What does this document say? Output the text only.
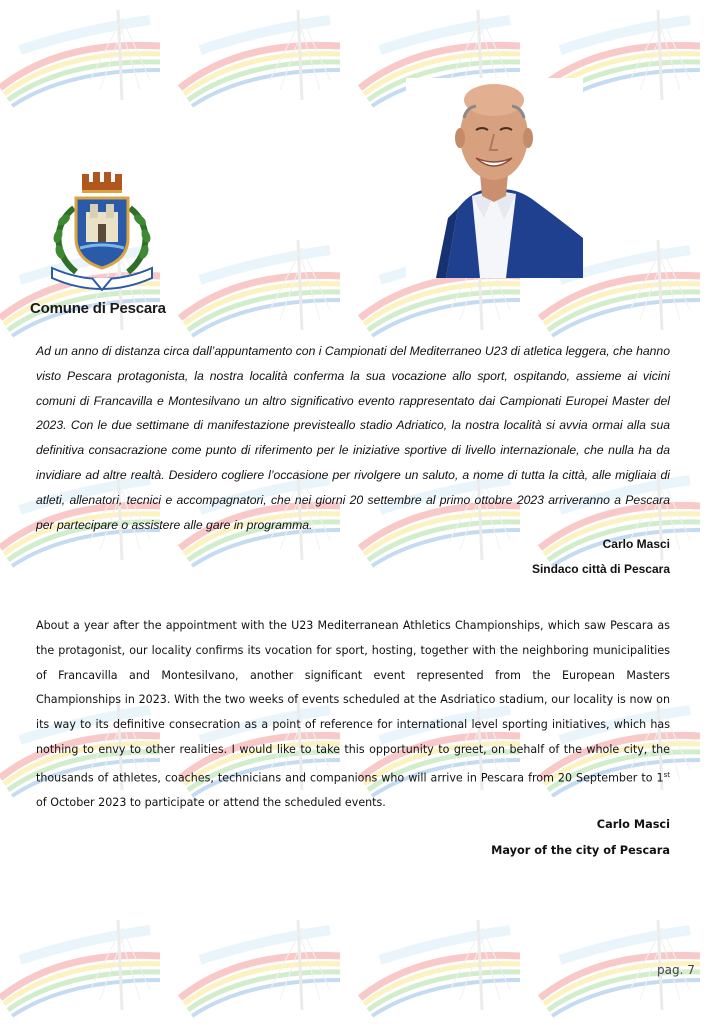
Comune di Pescara
Ad un anno di distanza circa dall’appuntamento con i Campionati del Mediterraneo U23 di atletica leggera, che hanno visto Pescara protagonista, la nostra località conferma la sua vocazione allo sport, ospitando, assieme ai vicini comuni di Francavilla e Montesilvano un altro significativo evento rappresentato dai Campionati Europei Master del 2023. Con le due settimane di manifestazione previsteallo stadio Adriatico, la nostra località si avvia ormai alla sua definitiva consacrazione come punto di riferimento per le iniziative sportive di livello internazionale, che nulla ha da invidiare ad altre realtà. Desidero cogliere l’occasione per rivolgere un saluto, a nome di tutta la città, alle migliaia di atleti, allenatori, tecnici e accompagnatori, che nei giorni 20 settembre al primo ottobre 2023 arriveranno a Pescara per partecipare o assistere alle gare in programma.
Carlo Masci
Sindaco città di Pescara
About a year after the appointment with the U23 Mediterranean Athletics Championships, which saw Pescara as the protagonist, our locality confirms its vocation for sport, hosting, together with the neighboring municipalities of Francavilla and Montesilvano, another significant event represented from the European Masters Championships in 2023. With the two weeks of events scheduled at the Asdriatico stadium, our locality is now on its way to its definitive consecration as a point of reference for international level sporting initiatives, which has nothing to envy to other realities. I would like to take this opportunity to greet, on behalf of the whole city, the thousands of athletes, coaches, technicians and companions who will arrive in Pescara from 20 September to 1st of October 2023 to participate or attend the scheduled events.
Carlo Masci
Mayor of the city of Pescara
pag. 7
